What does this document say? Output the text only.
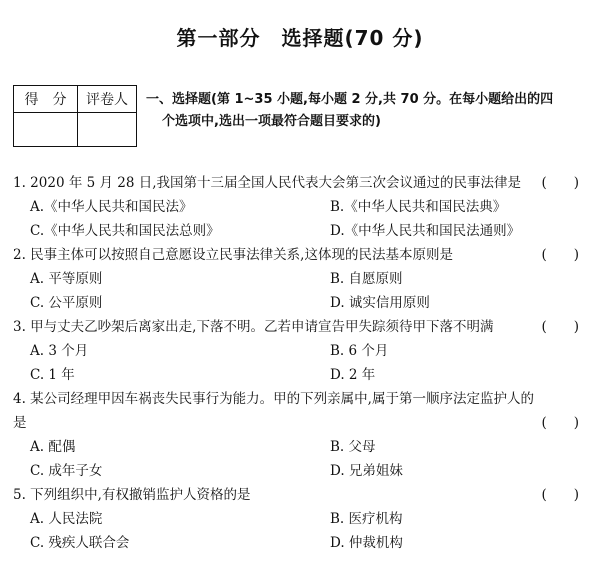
第一部分　选择题(70 分)
得　分	评卷人
	一、选择题(第 1~35 小题,每小题 2 分,共 70 分。在每小题给出的四
个选项中,选出一项最符合题目要求的)
1. 2020 年 5 月 28 日,我国第十三届全国人民代表大会第三次会议通过的民事法律是 (　　)
A.《中华人民共和国民法》	B.《中华人民共和国民法典》
C.《中华人民共和国民法总则》	D.《中华人民共和国民法通则》
2. 民事主体可以按照自己意愿设立民事法律关系,这体现的民法基本原则是	(　　)
A. 平等原则	B. 自愿原则
C. 公平原则	D. 诚实信用原则
3. 甲与丈夫乙吵架后离家出走,下落不明。乙若申请宣告甲失踪须待甲下落不明满	(　　)
A. 3 个月	B. 6 个月
C. 1 年	D. 2 年
4. 某公司经理甲因车祸丧失民事行为能力。甲的下列亲属中,属于第一顺序法定监护人的
是	(　　)
A. 配偶	B. 父母
C. 成年子女	D. 兄弟姐妹
5. 下列组织中,有权撤销监护人资格的是	(　　)
A. 人民法院	B. 医疗机构
C. 残疾人联合会	D. 仲裁机构
